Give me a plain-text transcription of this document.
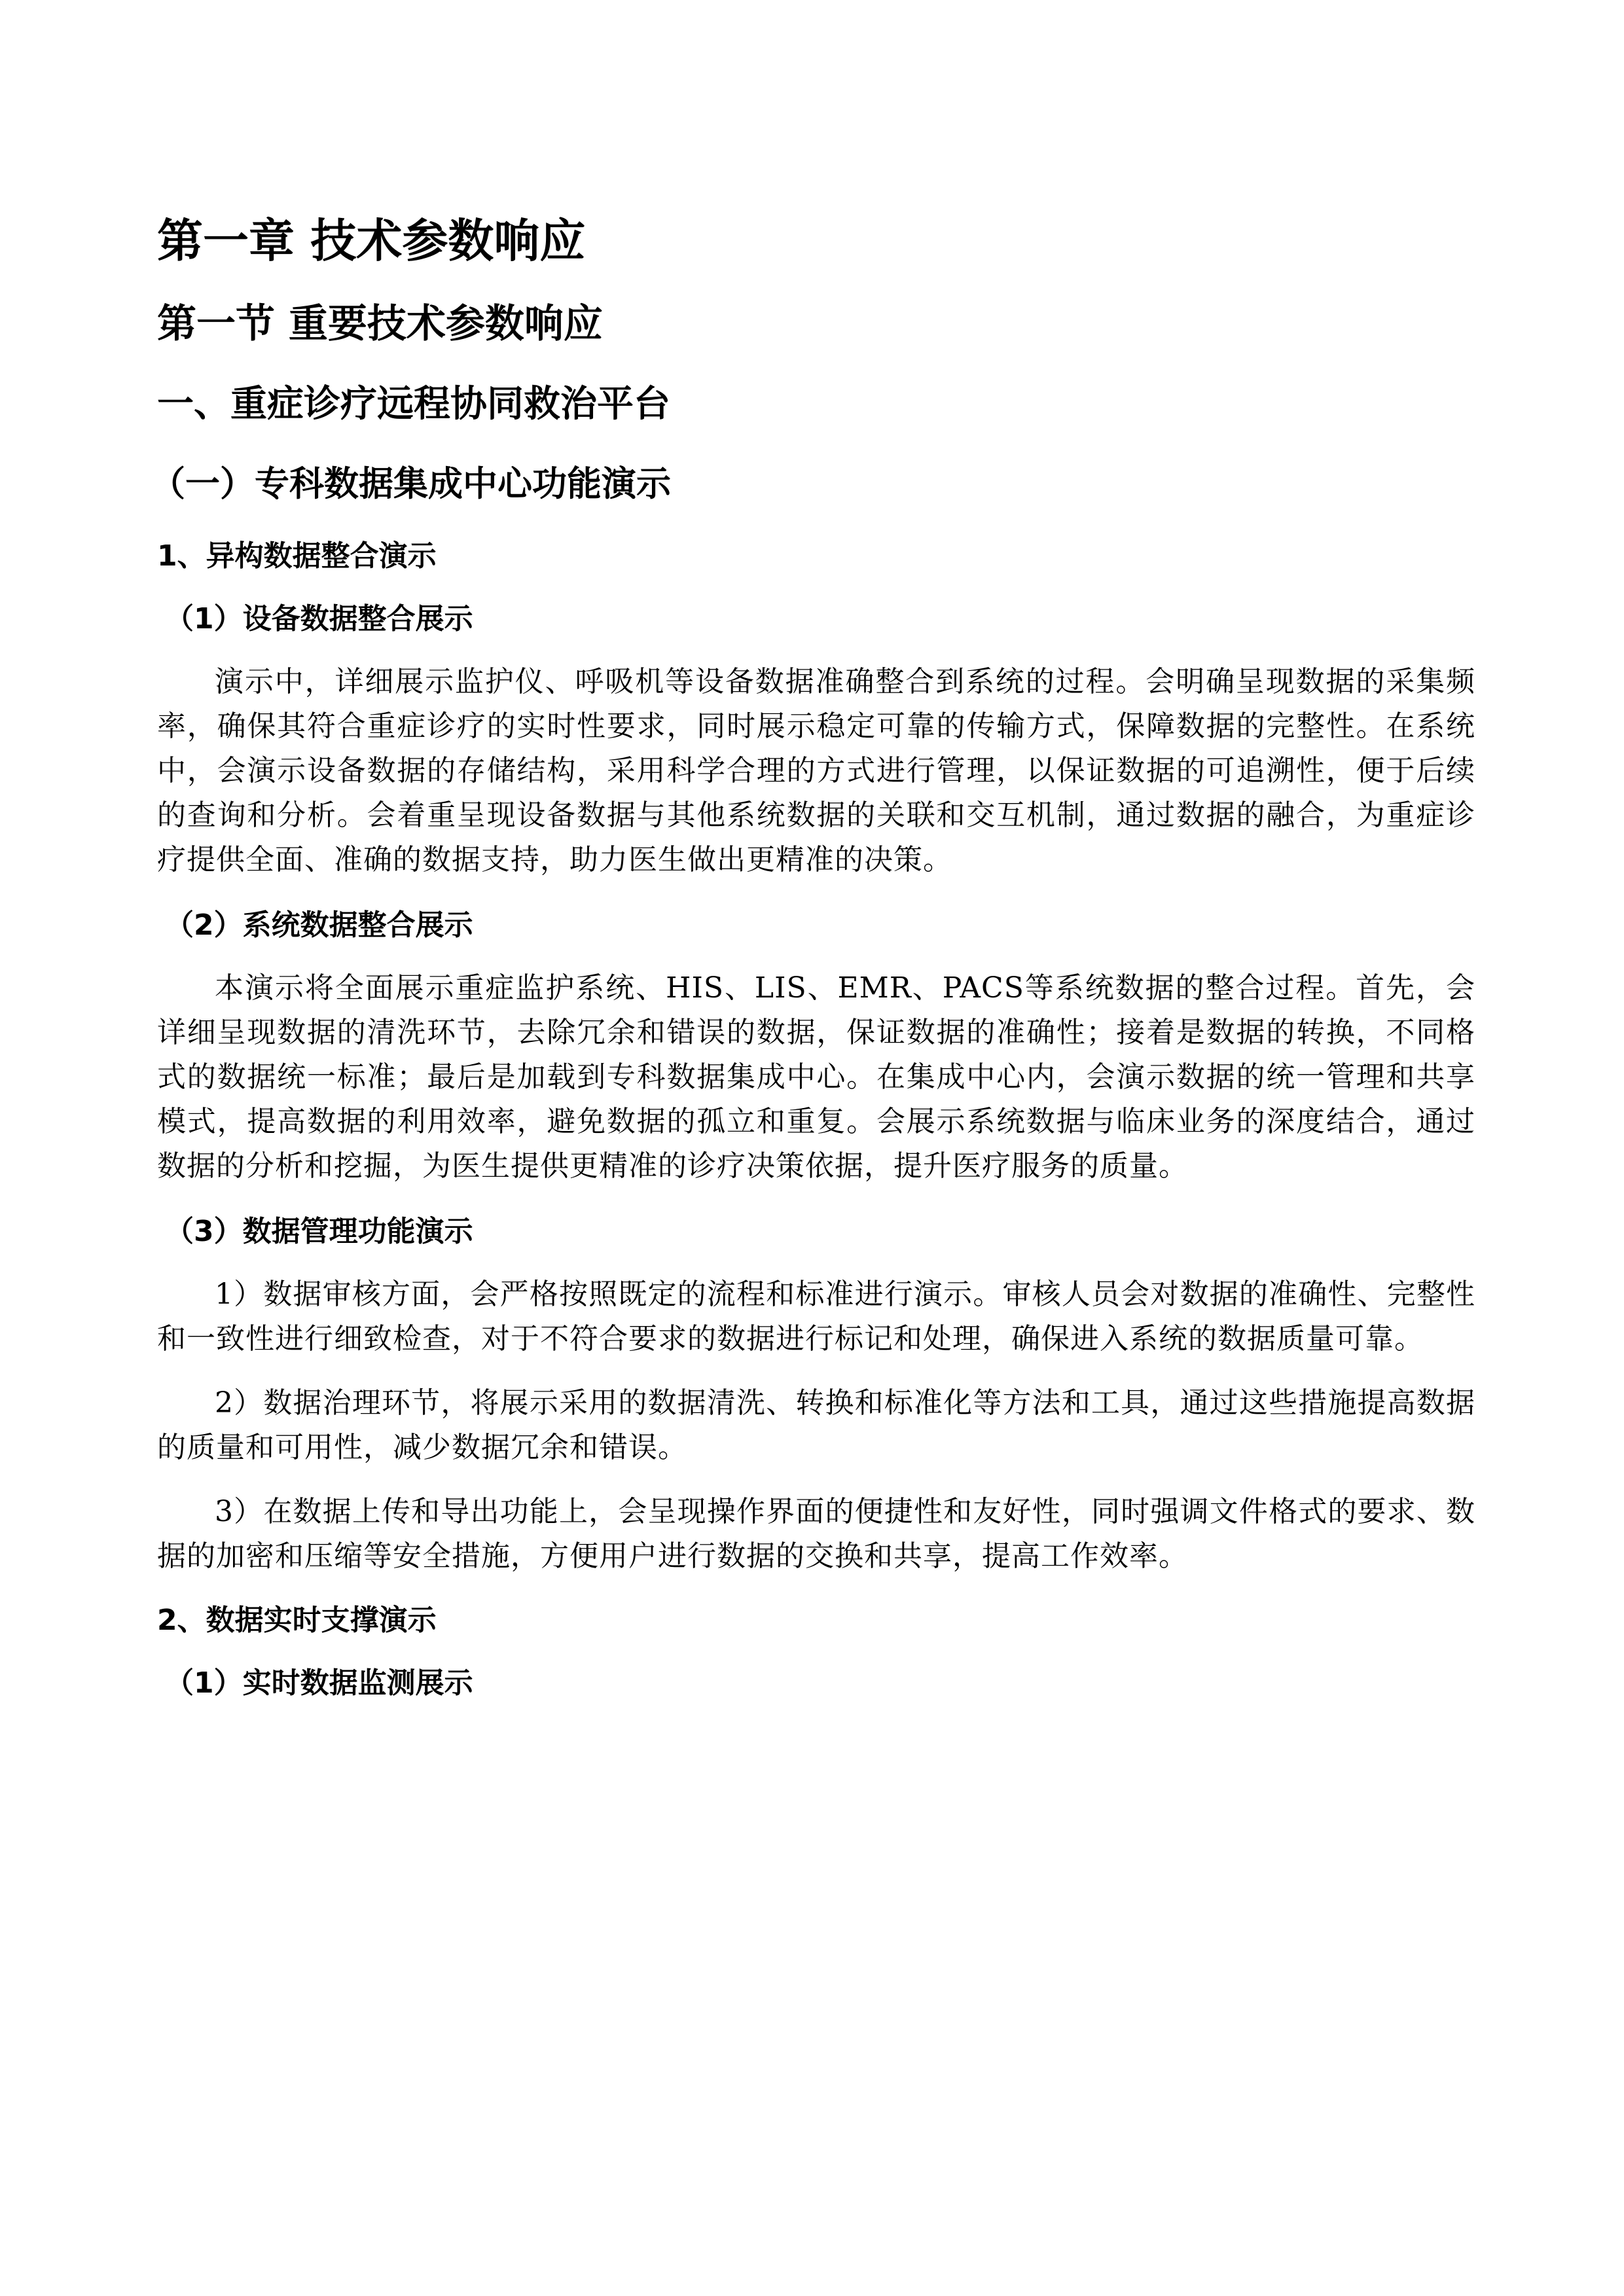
第一章 技术参数响应
第一节 重要技术参数响应
一、重症诊疗远程协同救治平台
（一）专科数据集成中心功能演示
1、异构数据整合演示
（1）设备数据整合展示

演示中，详细展示监护仪、呼吸机等设备数据准确整合到系统的过程。会明确呈现数据的采集频率，确保其符合重症诊疗的实时性要求，同时展示稳定可靠的传输方式，保障数据的完整性。在系统中，会演示设备数据的存储结构，采用科学合理的方式进行管理，以保证数据的可追溯性，便于后续的查询和分析。会着重呈现设备数据与其他系统数据的关联和交互机制，通过数据的融合，为重症诊疗提供全面、准确的数据支持，助力医生做出更精准的决策。

（2）系统数据整合展示

本演示将全面展示重症监护系统、HIS、LIS、EMR、PACS等系统数据的整合过程。首先，会详细呈现数据的清洗环节，去除冗余和错误的数据，保证数据的准确性；接着是数据的转换，不同格式的数据统一标准；最后是加载到专科数据集成中心。在集成中心内，会演示数据的统一管理和共享模式，提高数据的利用效率，避免数据的孤立和重复。会展示系统数据与临床业务的深度结合，通过数据的分析和挖掘，为医生提供更精准的诊疗决策依据，提升医疗服务的质量。

（3）数据管理功能演示

1）数据审核方面，会严格按照既定的流程和标准进行演示。审核人员会对数据的准确性、完整性和一致性进行细致检查，对于不符合要求的数据进行标记和处理，确保进入系统的数据质量可靠。

2）数据治理环节，将展示采用的数据清洗、转换和标准化等方法和工具，通过这些措施提高数据的质量和可用性，减少数据冗余和错误。

3）在数据上传和导出功能上，会呈现操作界面的便捷性和友好性，同时强调文件格式的要求、数据的加密和压缩等安全措施，方便用户进行数据的交换和共享，提高工作效率。

2、数据实时支撑演示
（1）实时数据监测展示
